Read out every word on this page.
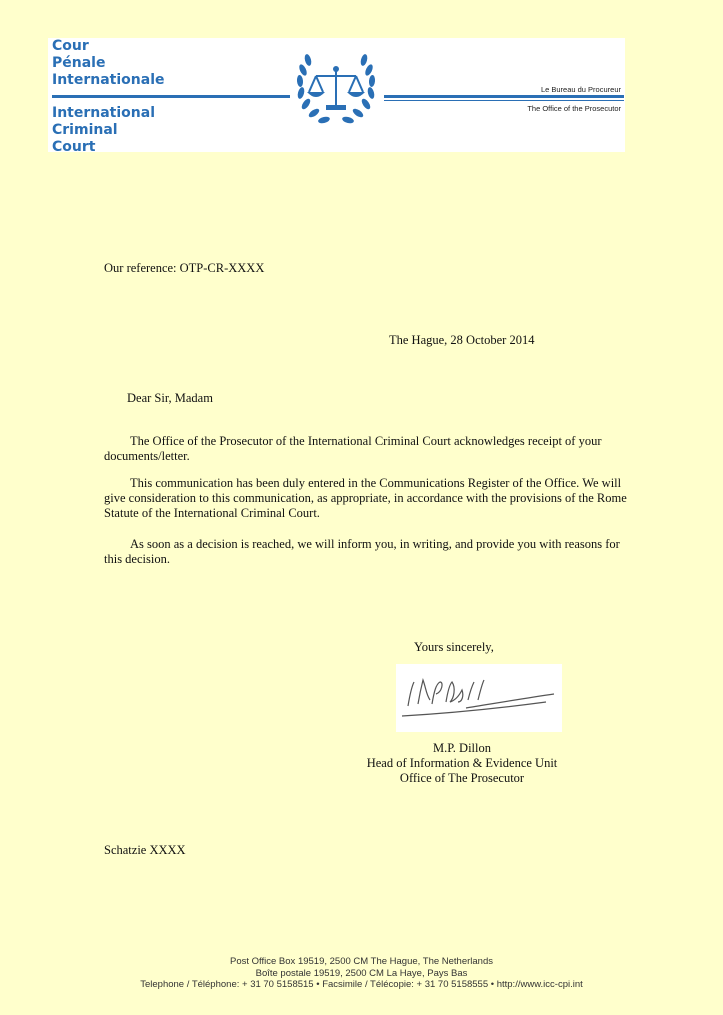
Cour
Pénale
Internationale
International
Criminal
Court
Le Bureau du Procureur
The Office of the Prosecutor
Our reference: OTP-CR-XXXX
The Hague, 28 October 2014
Dear Sir, Madam

The Office of the Prosecutor of the International Criminal Court acknowledges receipt of your documents/letter.

This communication has been duly entered in the Communications Register of the Office. We will give consideration to this communication, as appropriate, in accordance with the provisions of the Rome Statute of the International Criminal Court.

As soon as a decision is reached, we will inform you, in writing, and provide you with reasons for this decision.

Yours sincerely,
M.P. Dillon
Head of Information & Evidence Unit
Office of The Prosecutor
Schatzie XXXX
Post Office Box 19519, 2500 CM The Hague, The Netherlands
Boîte postale 19519, 2500 CM La Haye, Pays Bas
Telephone / Téléphone: + 31 70 5158515 • Facsimile / Télécopie: + 31 70 5158555 • http://www.icc-cpi.int
